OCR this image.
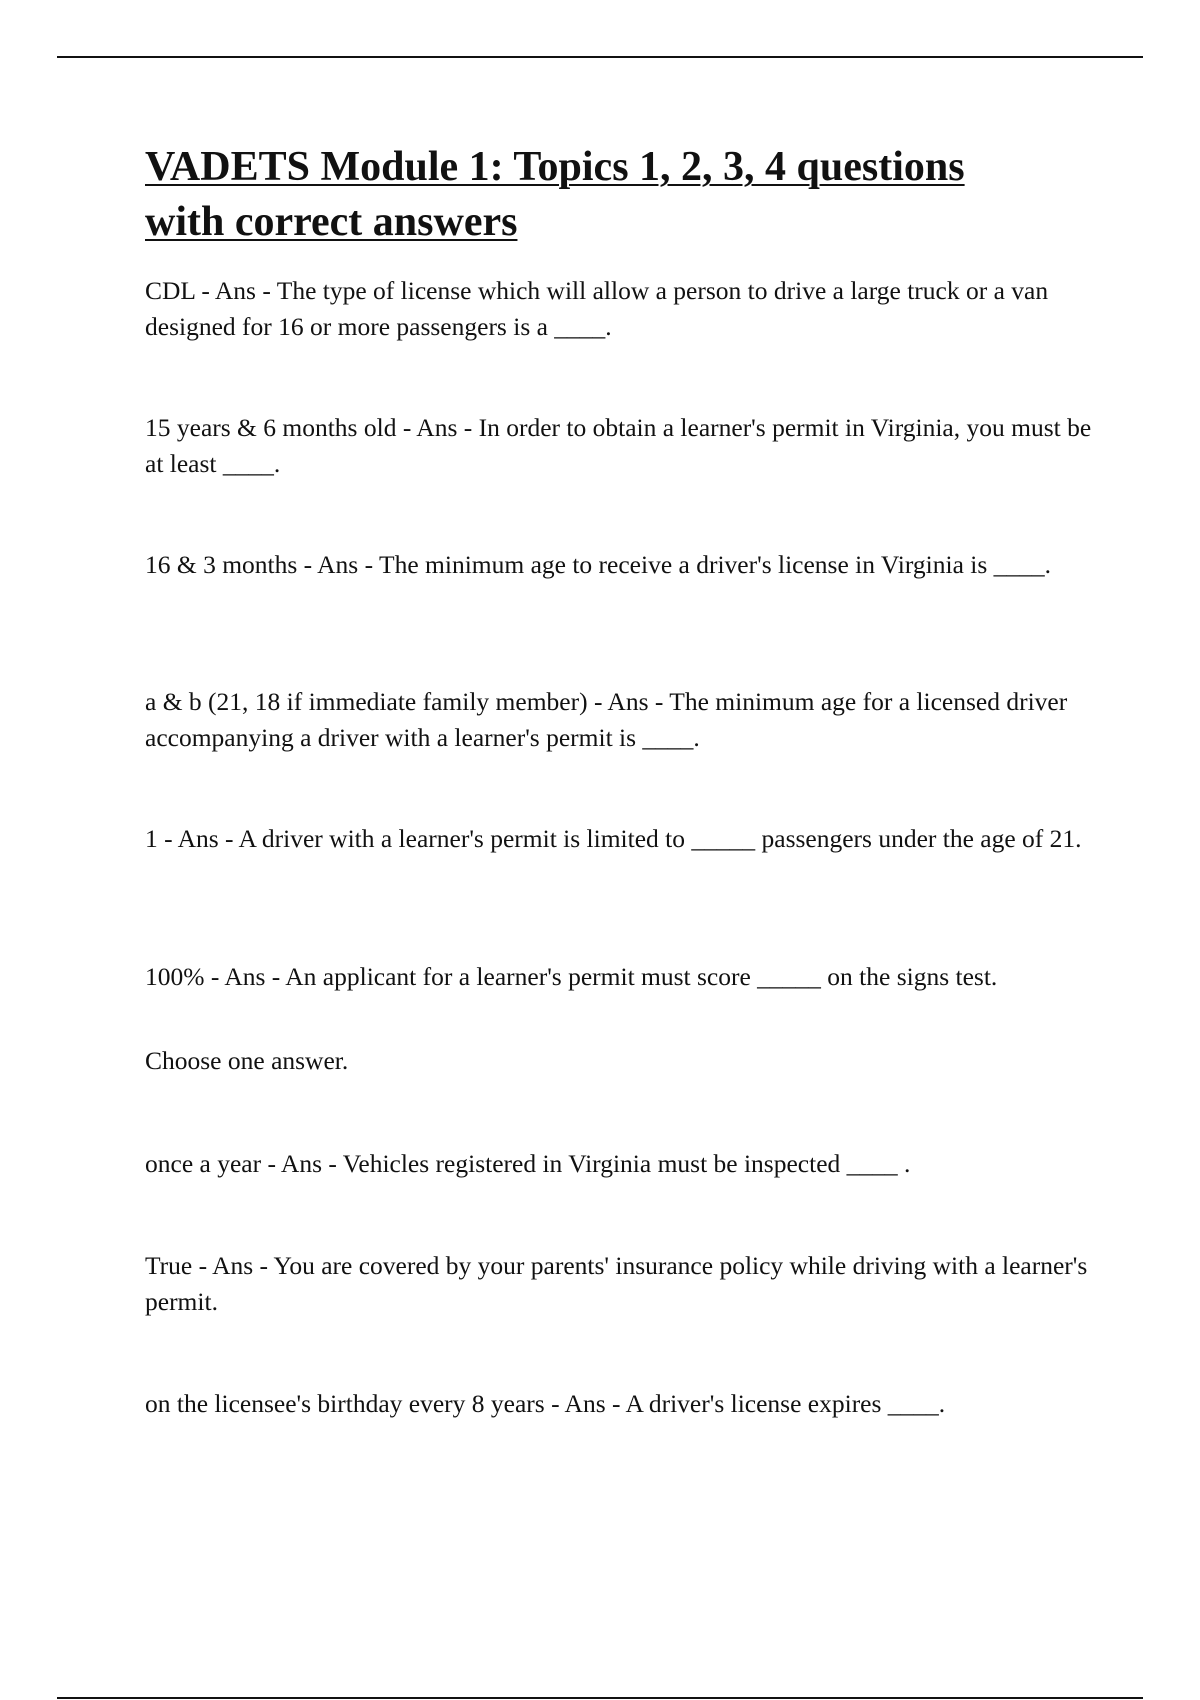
VADETS Module 1: Topics 1, 2, 3, 4 questions
with correct answers

CDL - Ans - The type of license which will allow a person to drive a large truck or a van designed for 16 or more passengers is a ____.

15 years & 6 months old - Ans - In order to obtain a learner's permit in Virginia, you must be at least ____.

16 & 3 months - Ans - The minimum age to receive a driver's license in Virginia is ____.

a & b (21, 18 if immediate family member) - Ans - The minimum age for a licensed driver accompanying a driver with a learner's permit is ____.

1 - Ans - A driver with a learner's permit is limited to _____ passengers under the age of 21.

100% - Ans - An applicant for a learner's permit must score _____ on the signs test.

Choose one answer.

once a year - Ans - Vehicles registered in Virginia must be inspected ____ .

True - Ans - You are covered by your parents' insurance policy while driving with a learner's permit.

on the licensee's birthday every 8 years - Ans - A driver's license expires ____.
